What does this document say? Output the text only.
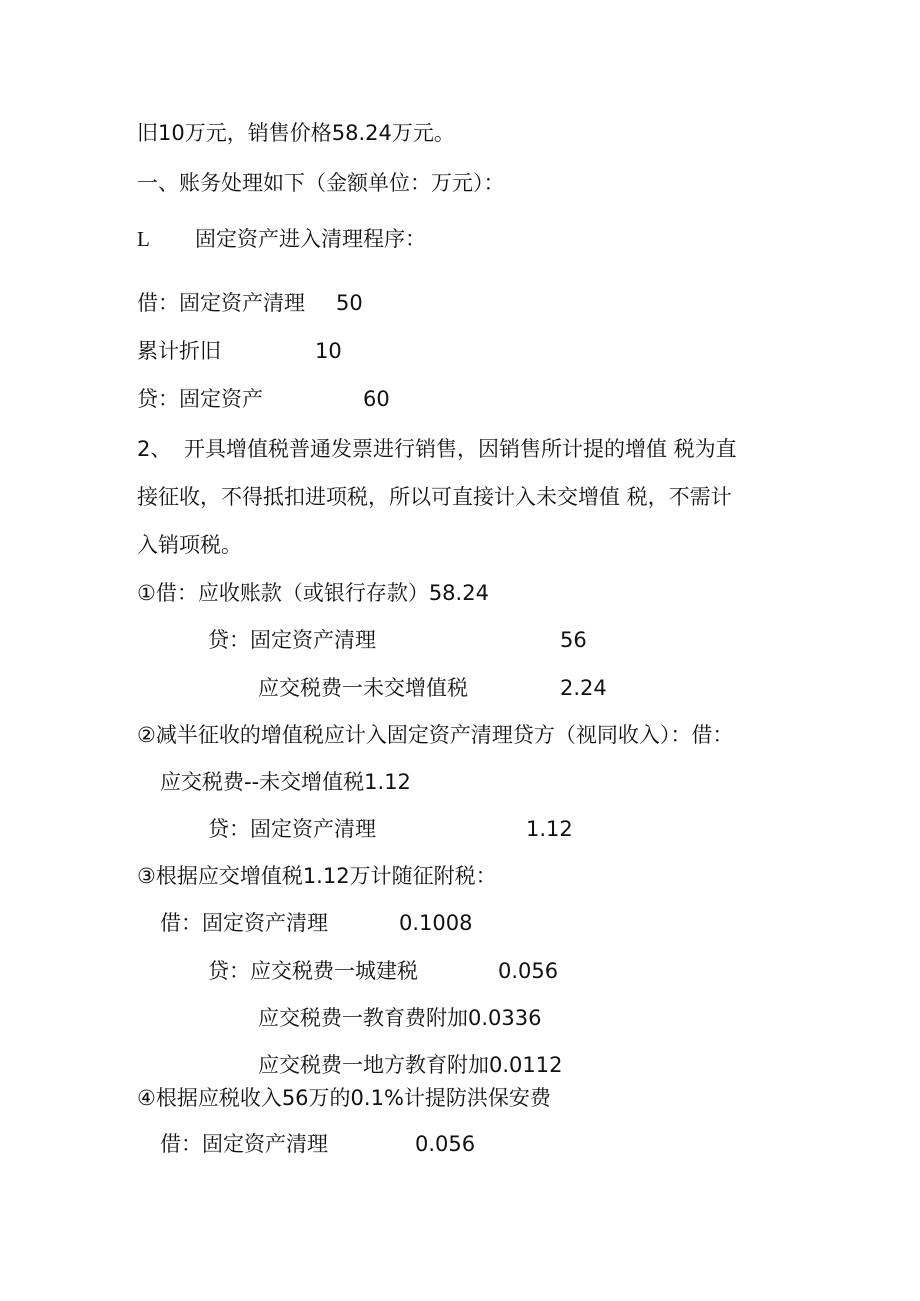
旧10万元，销售价格58.24万元。
一、账务处理如下（金额单位：万元）：
L 固定资产进入清理程序：
借：固定资产清理 50
累计折旧	10
贷：固定资产	60
2、 开具增值税普通发票进行销售，因销售所计提的增值 税为直
接征收，不得抵扣进项税，所以可直接计入未交增值 税，不需计
入销项税。
①借：应收账款（或银行存款）58.24
贷：固定资产清理	56
应交税费一未交增值税	2.24
②减半征收的增值税应计入固定资产清理贷方（视同收入）：借：
应交税费--未交增值税1.12
贷：固定资产清理	1.12
③根据应交增值税1.12万计随征附税：
借：固定资产清理	0.1008
贷：应交税费一城建税	0.056
应交税费一教育费附加0.0336
应交税费一地方教育附加0.0112
④根据应税收入56万的0.1%计提防洪保安费
借：固定资产清理	0.056
